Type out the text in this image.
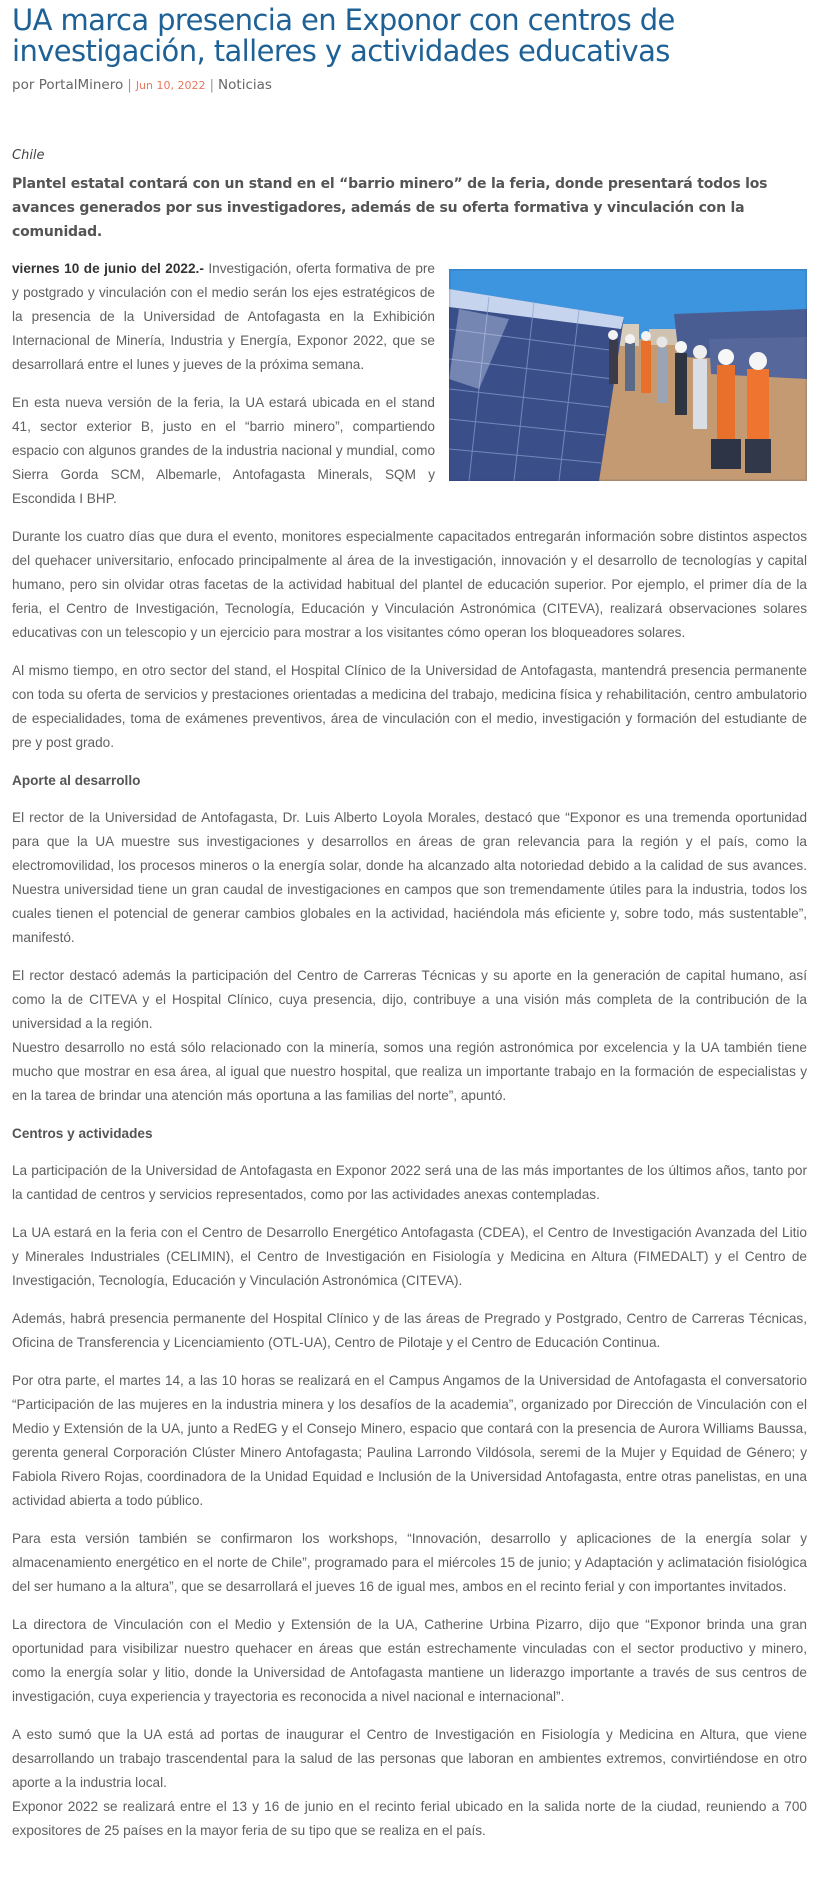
UA marca presencia en Exponor con centros de investigación, talleres y actividades educativas
por PortalMinero | Jun 10, 2022 | Noticias
Chile
Plantel estatal contará con un stand en el “barrio minero” de la feria, donde presentará todos los avances generados por sus investigadores, además de su oferta formativa y vinculación con la comunidad.

viernes 10 de junio del 2022.- Investigación, oferta formativa de pre y postgrado y vinculación con el medio serán los ejes estratégicos de la presencia de la Universidad de Antofagasta en la Exhibición Internacional de Minería, Industria y Energía, Exponor 2022, que se desarrollará entre el lunes y jueves de la próxima semana.

En esta nueva versión de la feria, la UA estará ubicada en el stand 41, sector exterior B, justo en el “barrio minero”, compartiendo espacio con algunos grandes de la industria nacional y mundial, como Sierra Gorda SCM, Albemarle, Antofagasta Minerals, SQM y Escondida I BHP.

Durante los cuatro días que dura el evento, monitores especialmente capacitados entregarán información sobre distintos aspectos del quehacer universitario, enfocado principalmente al área de la investigación, innovación y el desarrollo de tecnologías y capital humano, pero sin olvidar otras facetas de la actividad habitual del plantel de educación superior. Por ejemplo, el primer día de la feria, el Centro de Investigación, Tecnología, Educación y Vinculación Astronómica (CITEVA), realizará observaciones solares educativas con un telescopio y un ejercicio para mostrar a los visitantes cómo operan los bloqueadores solares.

Al mismo tiempo, en otro sector del stand, el Hospital Clínico de la Universidad de Antofagasta, mantendrá presencia permanente con toda su oferta de servicios y prestaciones orientadas a medicina del trabajo, medicina física y rehabilitación, centro ambulatorio de especialidades, toma de exámenes preventivos, área de vinculación con el medio, investigación y formación del estudiante de pre y post grado.

Aporte al desarrollo

El rector de la Universidad de Antofagasta, Dr. Luis Alberto Loyola Morales, destacó que “Exponor es una tremenda oportunidad para que la UA muestre sus investigaciones y desarrollos en áreas de gran relevancia para la región y el país, como la electromovilidad, los procesos mineros o la energía solar, donde ha alcanzado alta notoriedad debido a la calidad de sus avances. Nuestra universidad tiene un gran caudal de investigaciones en campos que son tremendamente útiles para la industria, todos los cuales tienen el potencial de generar cambios globales en la actividad, haciéndola más eficiente y, sobre todo, más sustentable”, manifestó.

El rector destacó además la participación del Centro de Carreras Técnicas y su aporte en la generación de capital humano, así como la de CITEVA y el Hospital Clínico, cuya presencia, dijo, contribuye a una visión más completa de la contribución de la universidad a la región.

Nuestro desarrollo no está sólo relacionado con la minería, somos una región astronómica por excelencia y la UA también tiene mucho que mostrar en esa área, al igual que nuestro hospital, que realiza un importante trabajo en la formación de especialistas y en la tarea de brindar una atención más oportuna a las familias del norte”, apuntó.

Centros y actividades

La participación de la Universidad de Antofagasta en Exponor 2022 será una de las más importantes de los últimos años, tanto por la cantidad de centros y servicios representados, como por las actividades anexas contempladas.

La UA estará en la feria con el Centro de Desarrollo Energético Antofagasta (CDEA), el Centro de Investigación Avanzada del Litio y Minerales Industriales (CELIMIN), el Centro de Investigación en Fisiología y Medicina en Altura (FIMEDALT) y el Centro de Investigación, Tecnología, Educación y Vinculación Astronómica (CITEVA).

Además, habrá presencia permanente del Hospital Clínico y de las áreas de Pregrado y Postgrado, Centro de Carreras Técnicas, Oficina de Transferencia y Licenciamiento (OTL-UA), Centro de Pilotaje y el Centro de Educación Continua.

Por otra parte, el martes 14, a las 10 horas se realizará en el Campus Angamos de la Universidad de Antofagasta el conversatorio “Participación de las mujeres en la industria minera y los desafíos de la academia”, organizado por Dirección de Vinculación con el Medio y Extensión de la UA, junto a RedEG y el Consejo Minero, espacio que contará con la presencia de Aurora Williams Baussa, gerenta general Corporación Clúster Minero Antofagasta; Paulina Larrondo Vildósola, seremi de la Mujer y Equidad de Género; y Fabiola Rivero Rojas, coordinadora de la Unidad Equidad e Inclusión de la Universidad Antofagasta, entre otras panelistas, en una actividad abierta a todo público.

Para esta versión también se confirmaron los workshops, “Innovación, desarrollo y aplicaciones de la energía solar y almacenamiento energético en el norte de Chile”, programado para el miércoles 15 de junio; y Adaptación y aclimatación fisiológica del ser humano a la altura”, que se desarrollará el jueves 16 de igual mes, ambos en el recinto ferial y con importantes invitados.

La directora de Vinculación con el Medio y Extensión de la UA, Catherine Urbina Pizarro, dijo que “Exponor brinda una gran oportunidad para visibilizar nuestro quehacer en áreas que están estrechamente vinculadas con el sector productivo y minero, como la energía solar y litio, donde la Universidad de Antofagasta mantiene un liderazgo importante a través de sus centros de investigación, cuya experiencia y trayectoria es reconocida a nivel nacional e internacional”.

A esto sumó que la UA está ad portas de inaugurar el Centro de Investigación en Fisiología y Medicina en Altura, que viene desarrollando un trabajo trascendental para la salud de las personas que laboran en ambientes extremos, convirtiéndose en otro aporte a la industria local.

Exponor 2022 se realizará entre el 13 y 16 de junio en el recinto ferial ubicado en la salida norte de la ciudad, reuniendo a 700 expositores de 25 países en la mayor feria de su tipo que se realiza en el país.
